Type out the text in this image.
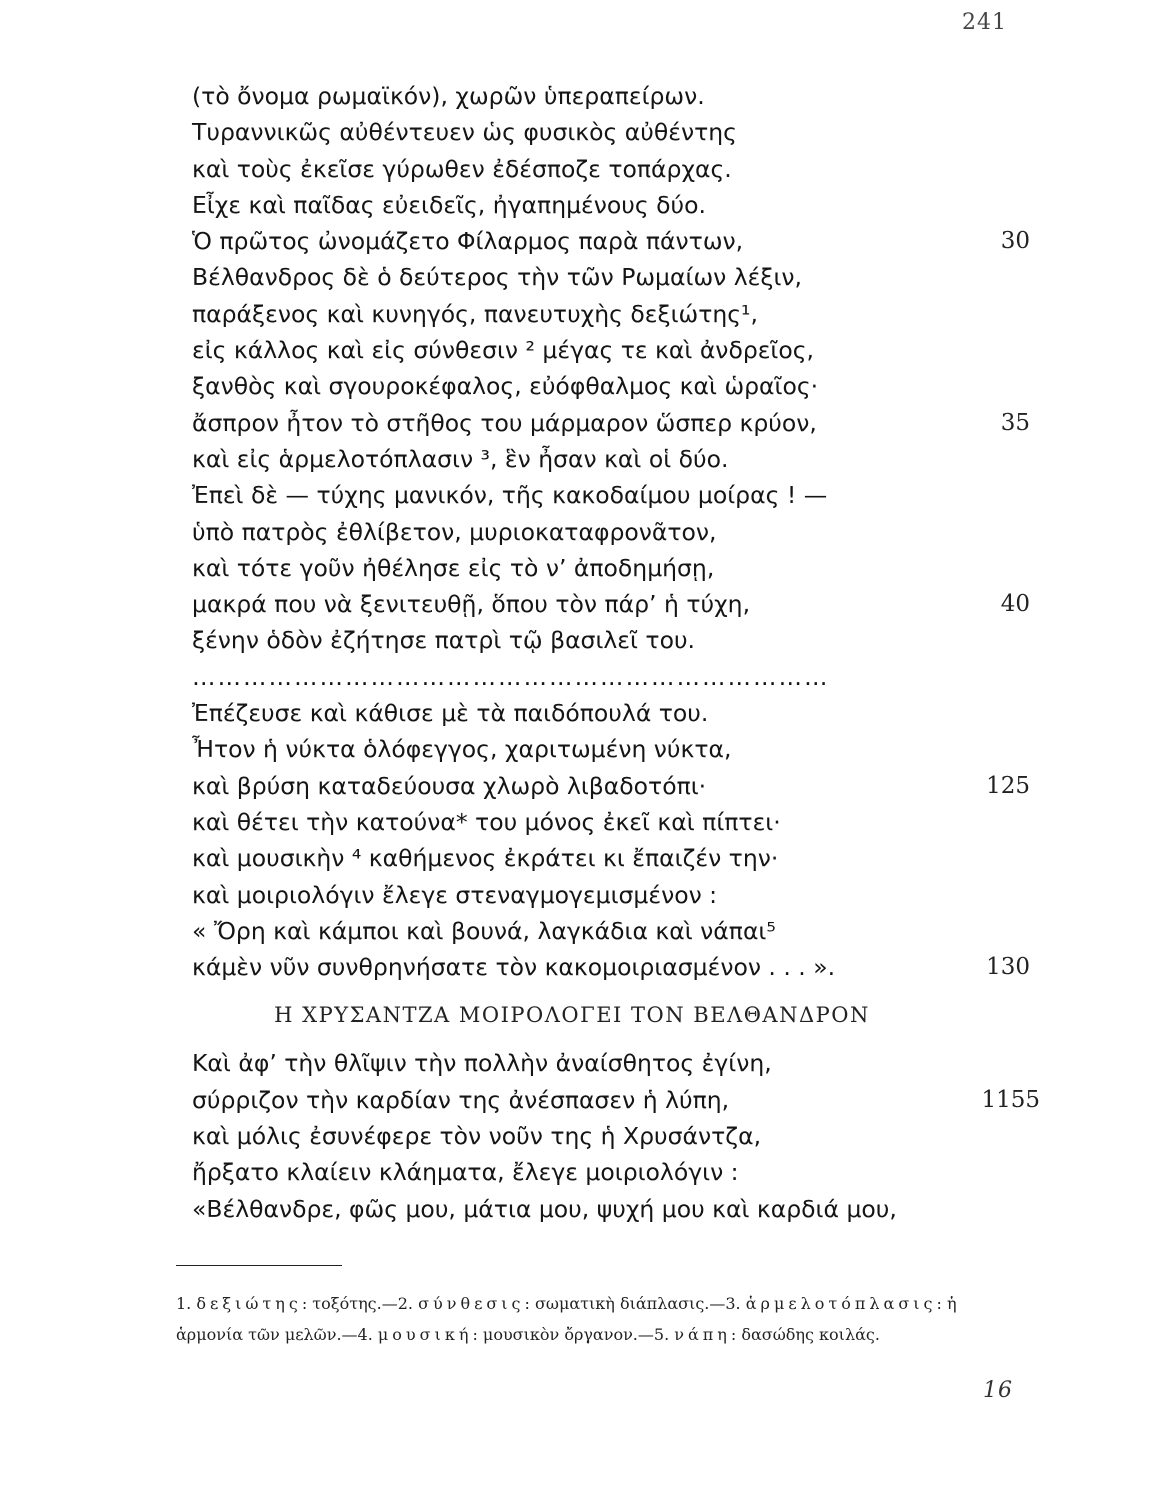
241
(τὸ ὄνομα ρωμαϊκόν), χωρῶν ὑπεραπείρων.
Τυραννικῶς αὐθέντευεν ὡς φυσικὸς αὐθέντης
καὶ τοὺς ἐκεῖσε γύρωθεν ἐδέσποζε τοπάρχας.
Εἶχε καὶ παῖδας εὐειδεῖς, ἠγαπημένους δύο.
Ὁ πρῶτος ὠνομάζετο Φίλαρμος παρὰ πάντων,	30
Βέλθανδρος δὲ ὁ δεύτερος τὴν τῶν Ρωμαίων λέξιν,
παράξενος καὶ κυνηγός, πανευτυχὴς δεξιώτης¹,
εἰς κάλλος καὶ εἰς σύνθεσιν ² μέγας τε καὶ ἀνδρεῖος,
ξανθὸς καὶ σγουροκέφαλος, εὐόφθαλμος καὶ ὡραῖος·
ἄσπρον ἦτον τὸ στῆθος του μάρμαρον ὥσπερ κρύον,	35
καὶ εἰς ἁρμελοτόπλασιν ³, ἓν ἦσαν καὶ οἱ δύο.
Ἐπεὶ δὲ — τύχης μανικόν, τῆς κακοδαίμου μοίρας ! —
ὑπὸ πατρὸς ἐθλίβετον, μυριοκαταφρονᾶτον,
καὶ τότε γοῦν ἠθέλησε εἰς τὸ ν’ ἀποδημήσῃ,
μακρά που νὰ ξενιτευθῇ, ὅπου τὸν πάρ’ ἡ τύχη,	40
ξένην ὁδὸν ἐζήτησε πατρὶ τῷ βασιλεῖ του.
…………………………………………………………………
Ἐπέζευσε καὶ κάθισε μὲ τὰ παιδόπουλά του.
Ἦτον ἡ νύκτα ὁλόφεγγος, χαριτωμένη νύκτα,
καὶ βρύση καταδεύουσα χλωρὸ λιβαδοτόπι·	125
καὶ θέτει τὴν κατούνα* του μόνος ἐκεῖ καὶ πίπτει·
καὶ μουσικὴν ⁴ καθήμενος ἐκράτει κι ἔπαιζέν την·
καὶ μοιριολόγιν ἔλεγε στεναγμογεμισμένον :
« Ὄρη καὶ κάμποι καὶ βουνά, λαγκάδια καὶ νάπαι⁵
κάμὲν νῦν συνθρηνήσατε τὸν κακομοιριασμένον . . . ».	130
Η ΧΡΥΣΑΝΤΖΑ ΜΟΙΡΟΛΟΓΕΙ ΤΟΝ ΒΕΛΘΑΝΔΡΟΝ
Καὶ ἀφ’ τὴν θλῖψιν τὴν πολλὴν ἀναίσθητος ἐγίνη,
σύρριζον τὴν καρδίαν της ἀνέσπασεν ἡ λύπη,	1155
καὶ μόλις ἐσυνέφερε τὸν νοῦν της ἡ Χρυσάντζα,
ἤρξατο κλαίειν κλάηματα, ἔλεγε μοιριολόγιν :
«Βέλθανδρε, φῶς μου, μάτια μου, ψυχή μου καὶ καρδιά μου,
1. δεξιώτης: τοξότης.—2. σύνθεσις: σωματικὴ διάπλασις.—3. ἁρμελοτόπλασις: ἡ ἁρμονία τῶν μελῶν.—4. μουσική: μουσικὸν ὄργανον.—5. νάπη: δασώδης κοιλάς.
16
